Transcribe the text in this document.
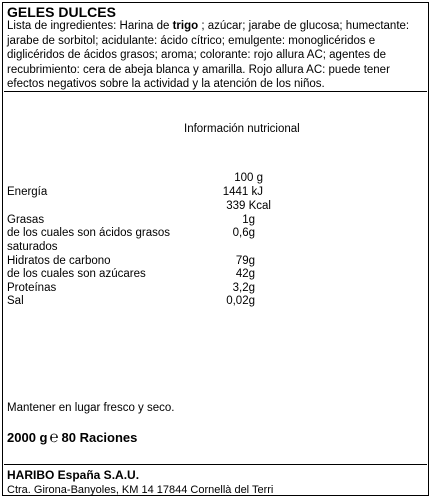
GELES DULCES
Lista de ingredientes: Harina de trigo ; azúcar; jarabe de glucosa; humectante: jarabe de sorbitol; acidulante: ácido cítrico; emulgente: monoglicéridos e diglicéridos de ácidos grasos; aroma; colorante: rojo allura AC; agentes de recubrimiento: cera de abeja blanca y amarilla. Rojo allura AC: puede tener efectos negativos sobre la actividad y la atención de los niños.
Información nutricional
100 g
Energía	1441 kJ
339 Kcal
Grasas	1g
de los cuales son ácidos grasos	0,6g
saturados
Hidratos de carbono	79g
de los cuales son azúcares	42g
Proteínas	3,2g
Sal	0,02g
Mantener en lugar fresco y seco.
2000 g ℮ 80 Raciones
HARIBO España S.A.U.
Ctra. Girona-Banyoles, KM 14 17844 Cornellà del Terri
